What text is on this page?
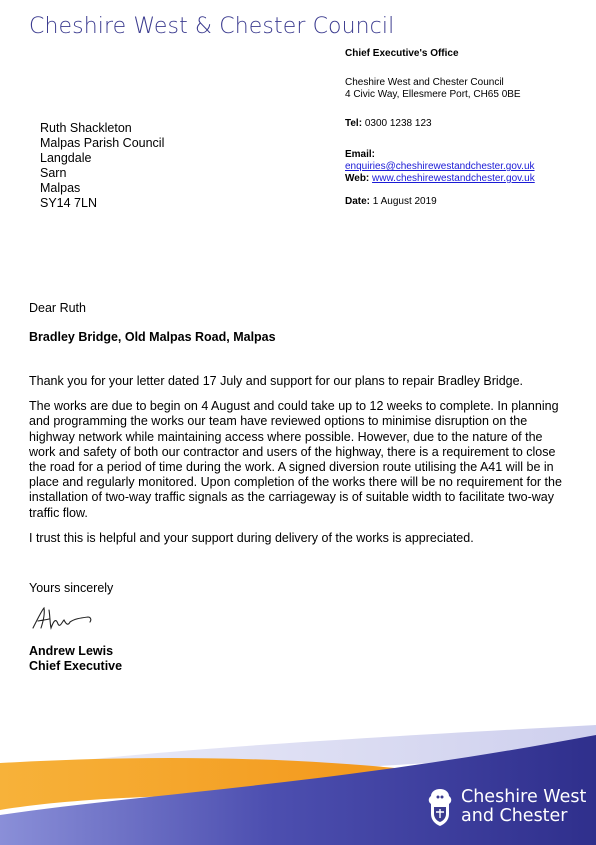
Cheshire West & Chester Council
Chief Executive's Office
Cheshire West and Chester Council
4 Civic Way, Ellesmere Port, CH65 0BE
Tel: 0300 1238 123
Email:
enquiries@cheshirewestandchester.gov.uk
Web: www.cheshirewestandchester.gov.uk
Date: 1 August 2019
Ruth Shackleton
Malpas Parish Council
Langdale
Sarn
Malpas
SY14 7LN
Dear Ruth
Bradley Bridge, Old Malpas Road, Malpas

Thank you for your letter dated 17 July and support for our plans to repair Bradley Bridge.

The works are due to begin on 4 August and could take up to 12 weeks to complete. In planning and programming the works our team have reviewed options to minimise disruption on the highway network while maintaining access where possible. However, due to the nature of the work and safety of both our contractor and users of the highway, there is a requirement to close the road for a period of time during the work. A signed diversion route utilising the A41 will be in place and regularly monitored. Upon completion of the works there will be no requirement for the installation of two-way traffic signals as the carriageway is of suitable width to facilitate two-way traffic flow.

I trust this is helpful and your support during delivery of the works is appreciated.

Yours sincerely
Andrew Lewis
Chief Executive
Cheshire West
and Chester
